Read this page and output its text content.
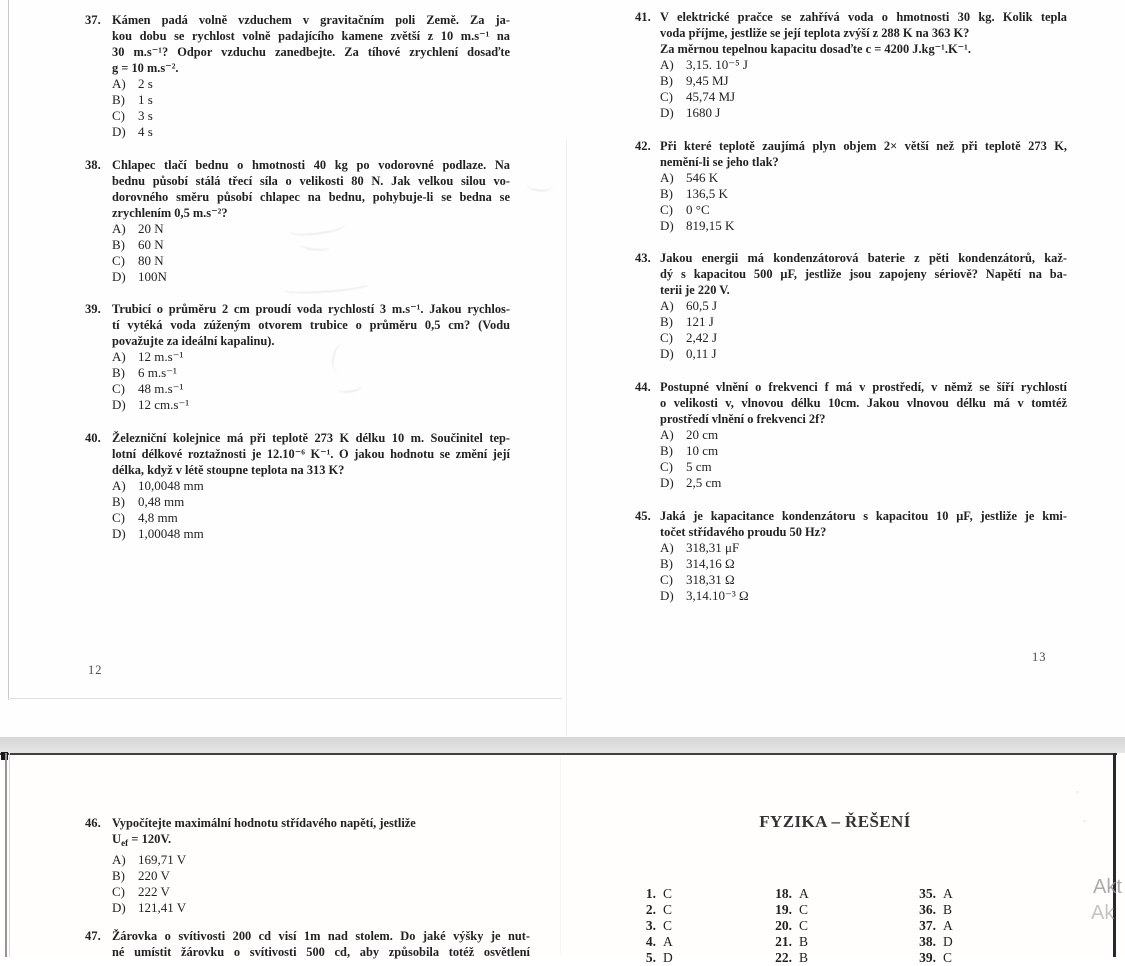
37. Kámen padá volně vzduchem v gravitačním poli Země. Za ja-
kou dobu se rychlost volně padajícího kamene zvětší z 10 m.s⁻¹ na
30 m.s⁻¹? Odpor vzduchu zanedbejte. Za tíhové zrychlení dosaďte
g = 10 m.s⁻².
A) 2 s
B) 1 s
C) 3 s
D) 4 s
38. Chlapec tlačí bednu o hmotnosti 40 kg po vodorovné podlaze. Na
bednu působí stálá třecí síla o velikosti 80 N. Jak velkou silou vo-
dorovného směru působí chlapec na bednu, pohybuje-li se bedna se
zrychlením 0,5 m.s⁻²?
A) 20 N
B) 60 N
C) 80 N
D) 100N
39. Trubicí o průměru 2 cm proudí voda rychlostí 3 m.s⁻¹. Jakou rychlos-
tí vytéká voda zúženým otvorem trubice o průměru 0,5 cm? (Vodu
považujte za ideální kapalinu).
A) 12 m.s⁻¹
B) 6 m.s⁻¹
C) 48 m.s⁻¹
D) 12 cm.s⁻¹
40. Železniční kolejnice má při teplotě 273 K délku 10 m. Součinitel tep-
lotní délkové roztažnosti je 12.10⁻⁶ K⁻¹. O jakou hodnotu se změní její
délka, když v létě stoupne teplota na 313 K?
A) 10,0048 mm
B) 0,48 mm
C) 4,8 mm
D) 1,00048 mm
12
41. V elektrické pračce se zahřívá voda o hmotnosti 30 kg. Kolik tepla
voda příjme, jestliže se její teplota zvýší z 288 K na 363 K?
Za měrnou tepelnou kapacitu dosaďte c = 4200 J.kg⁻¹.K⁻¹.
A) 3,15. 10⁻⁵ J
B) 9,45 MJ
C) 45,74 MJ
D) 1680 J
42. Při které teplotě zaujímá plyn objem 2× větší než při teplotě 273 K,
nemění-li se jeho tlak?
A) 546 K
B) 136,5 K
C) 0 °C
D) 819,15 K
43. Jakou energii má kondenzátorová baterie z pěti kondenzátorů, kaž-
dý s kapacitou 500 μF, jestliže jsou zapojeny sériově? Napětí na ba-
terii je 220 V.
A) 60,5 J
B) 121 J
C) 2,42 J
D) 0,11 J
44. Postupné vlnění o frekvenci f má v prostředí, v němž se šíří rychlostí
o velikosti v, vlnovou délku 10cm. Jakou vlnovou délku má v tomtéž
prostředí vlnění o frekvenci 2f?
A) 20 cm
B) 10 cm
C) 5 cm
D) 2,5 cm
45. Jaká je kapacitance kondenzátoru s kapacitou 10 μF, jestliže je kmi-
točet střídavého proudu 50 Hz?
A) 318,31 μF
B) 314,16 Ω
C) 318,31 Ω
D) 3,14.10⁻³ Ω
13
46. Vypočítejte maximální hodnotu střídavého napětí, jestliže
$U_{ef} = 120V$.
A) 169,71 V
B) 220 V
C) 222 V
D) 121,41 V
47. Žárovka o svítivosti 200 cd visí 1m nad stolem. Do jaké výšky je nut-
né umístit žárovku o svítivosti 500 cd, aby způsobila totéž osvětlení
FYZIKA – ŘEŠENÍ
1. C
2. C
3. C
4. A
5. D
18. A
19. C
20. C
21. B
22. B
35. A
36. B
37. A
38. D
39. C
Akt
Ak
